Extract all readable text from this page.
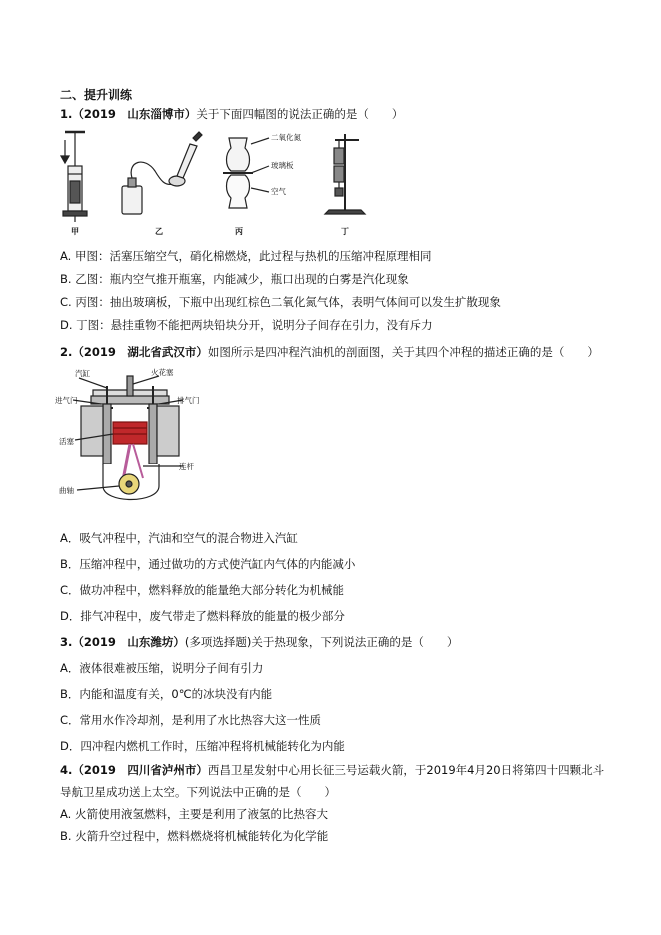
二、提升训练
1.（2019　山东淄博市）关于下面四幅图的说法正确的是（　　）
二氧化氮
玻璃板
空气
甲	乙	丙	丁
A. 甲图：活塞压缩空气，硝化棉燃烧，此过程与热机的压缩冲程原理相同
B. 乙图：瓶内空气推开瓶塞，内能减少，瓶口出现的白雾是汽化现象
C. 丙图：抽出玻璃板，下瓶中出现红棕色二氧化氮气体，表明气体间可以发生扩散现象
D. 丁图：悬挂重物不能把两块铅块分开，说明分子间存在引力，没有斥力
2.（2019　湖北省武汉市）如图所示是四冲程汽油机的剖面图，关于其四个冲程的描述正确的是（　　）
汽缸	火花塞
进气门	排气门
活塞
连杆
曲轴
A．吸气冲程中，汽油和空气的混合物进入汽缸
B．压缩冲程中，通过做功的方式使汽缸内气体的内能减小
C．做功冲程中，燃料释放的能量绝大部分转化为机械能
D．排气冲程中，废气带走了燃料释放的能量的极少部分
3.（2019　山东潍坊）(多项选择题)关于热现象，下列说法正确的是（　　）
A．液体很难被压缩，说明分子间有引力
B．内能和温度有关，0℃的冰块没有内能
C．常用水作冷却剂，是利用了水比热容大这一性质
D．四冲程内燃机工作时，压缩冲程将机械能转化为内能
4.（2019　四川省泸州市）西昌卫星发射中心用长征三号运载火箭，于2019年4月20日将第四十四颗北斗
导航卫星成功送上太空。下列说法中正确的是（　　）
A. 火箭使用液氢燃料，主要是利用了液氢的比热容大
B. 火箭升空过程中，燃料燃烧将机械能转化为化学能
